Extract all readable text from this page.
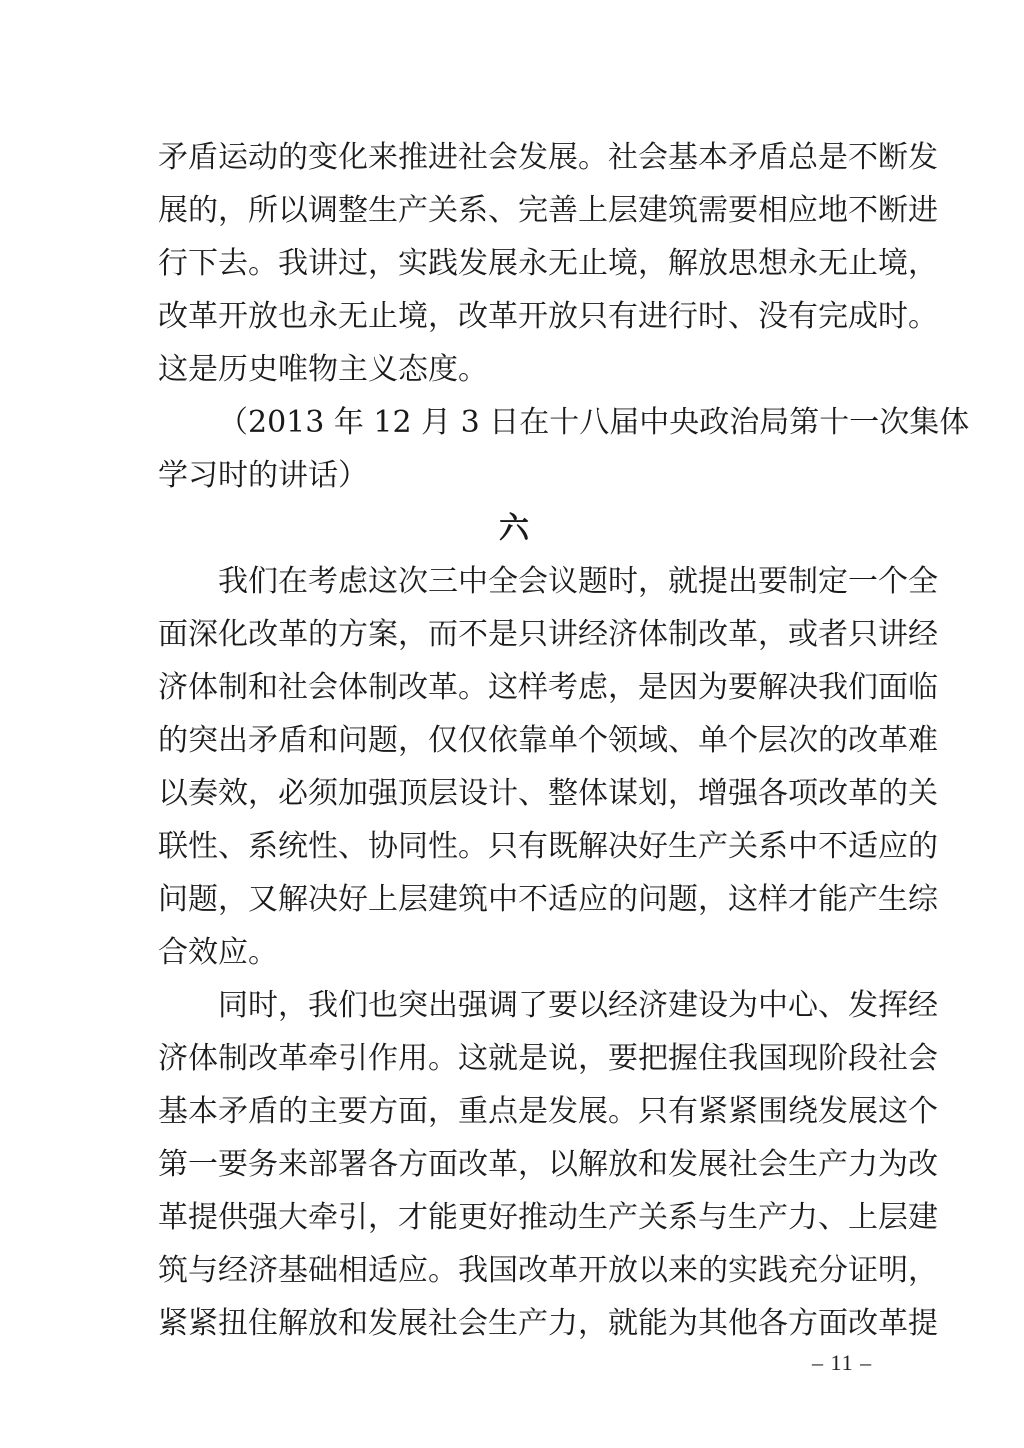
矛盾运动的变化来推进社会发展。社会基本矛盾总是不断发
展的，所以调整生产关系、完善上层建筑需要相应地不断进
行下去。我讲过，实践发展永无止境，解放思想永无止境，
改革开放也永无止境，改革开放只有进行时、没有完成时。
这是历史唯物主义态度。
（2013 年 12 月 3 日在十八届中央政治局第十一次集体
学习时的讲话）
六
我们在考虑这次三中全会议题时，就提出要制定一个全
面深化改革的方案，而不是只讲经济体制改革，或者只讲经
济体制和社会体制改革。这样考虑，是因为要解决我们面临
的突出矛盾和问题，仅仅依靠单个领域、单个层次的改革难
以奏效，必须加强顶层设计、整体谋划，增强各项改革的关
联性、系统性、协同性。只有既解决好生产关系中不适应的
问题，又解决好上层建筑中不适应的问题，这样才能产生综
合效应。
同时，我们也突出强调了要以经济建设为中心、发挥经
济体制改革牵引作用。这就是说，要把握住我国现阶段社会
基本矛盾的主要方面，重点是发展。只有紧紧围绕发展这个
第一要务来部署各方面改革，以解放和发展社会生产力为改
革提供强大牵引，才能更好推动生产关系与生产力、上层建
筑与经济基础相适应。我国改革开放以来的实践充分证明，
紧紧扭住解放和发展社会生产力，就能为其他各方面改革提
– 11 –
